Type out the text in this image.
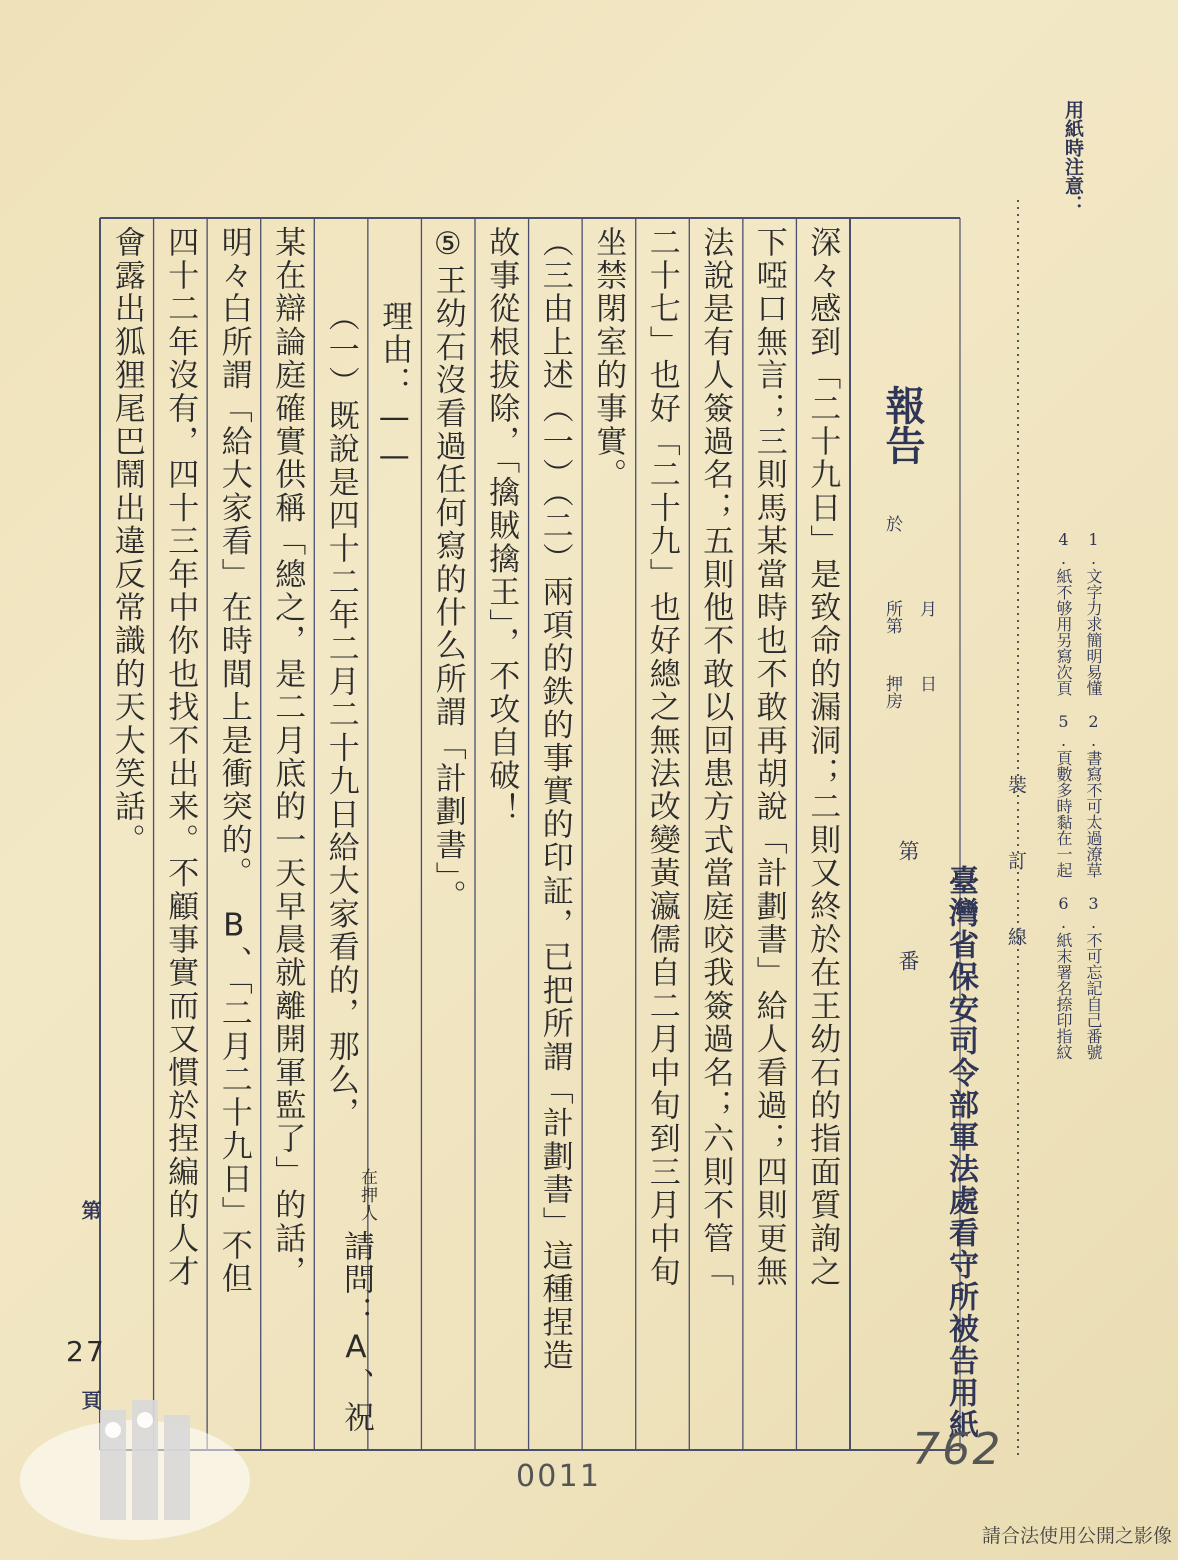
用紙時注意：
1.文字力求簡明易懂　2.書寫不可太過潦草　3.不可忘記自己番號
4.紙不够用另寫次頁　5.頁數多時黏在一起　6.紙末署名捺印指紋
裝　　　訂　　　線
臺灣省保安司令部軍法處看守所被告用紙
報告
於
月
日
所第
押房
第
番
深々感到「二十九日」是致命的漏洞；二則又終於在王幼石的指面質詢之
下啞口無言；三則馬某當時也不敢再胡說「計劃書」給人看過；四則更無
法說是有人簽過名；五則他不敢以回患方式當庭咬我簽過名；六則不管「
二十七」也好「二十九」也好總之無法改變黃瀛儒自二月中旬到三月中旬
坐禁閉室的事實。
（三由上述（一）（二）兩項的鉄的事實的印証，已把所謂「計劃書」這種捏造
故事從根拔除，「擒賊擒王」，不攻自破！
⑤王幼石沒看過任何寫的什么所謂「計劃書」。
理由：——
（一）既說是四十二年二月二十九日給大家看的，那么，
某在辯論庭確實供稱「總之，是二月底的一天早晨就離開軍監了」的話，
明々白所謂「給大家看」在時間上是衝突的。　B、「二月二十九日」不但
四十二年沒有，四十三年中你也找不出来。不顧事實而又慣於捏編的人才
會露出狐狸尾巴鬧出違反常識的天大笑話。
在押人
請問：A、祝
第
27
頁
0011
762
請合法使用公開之影像
